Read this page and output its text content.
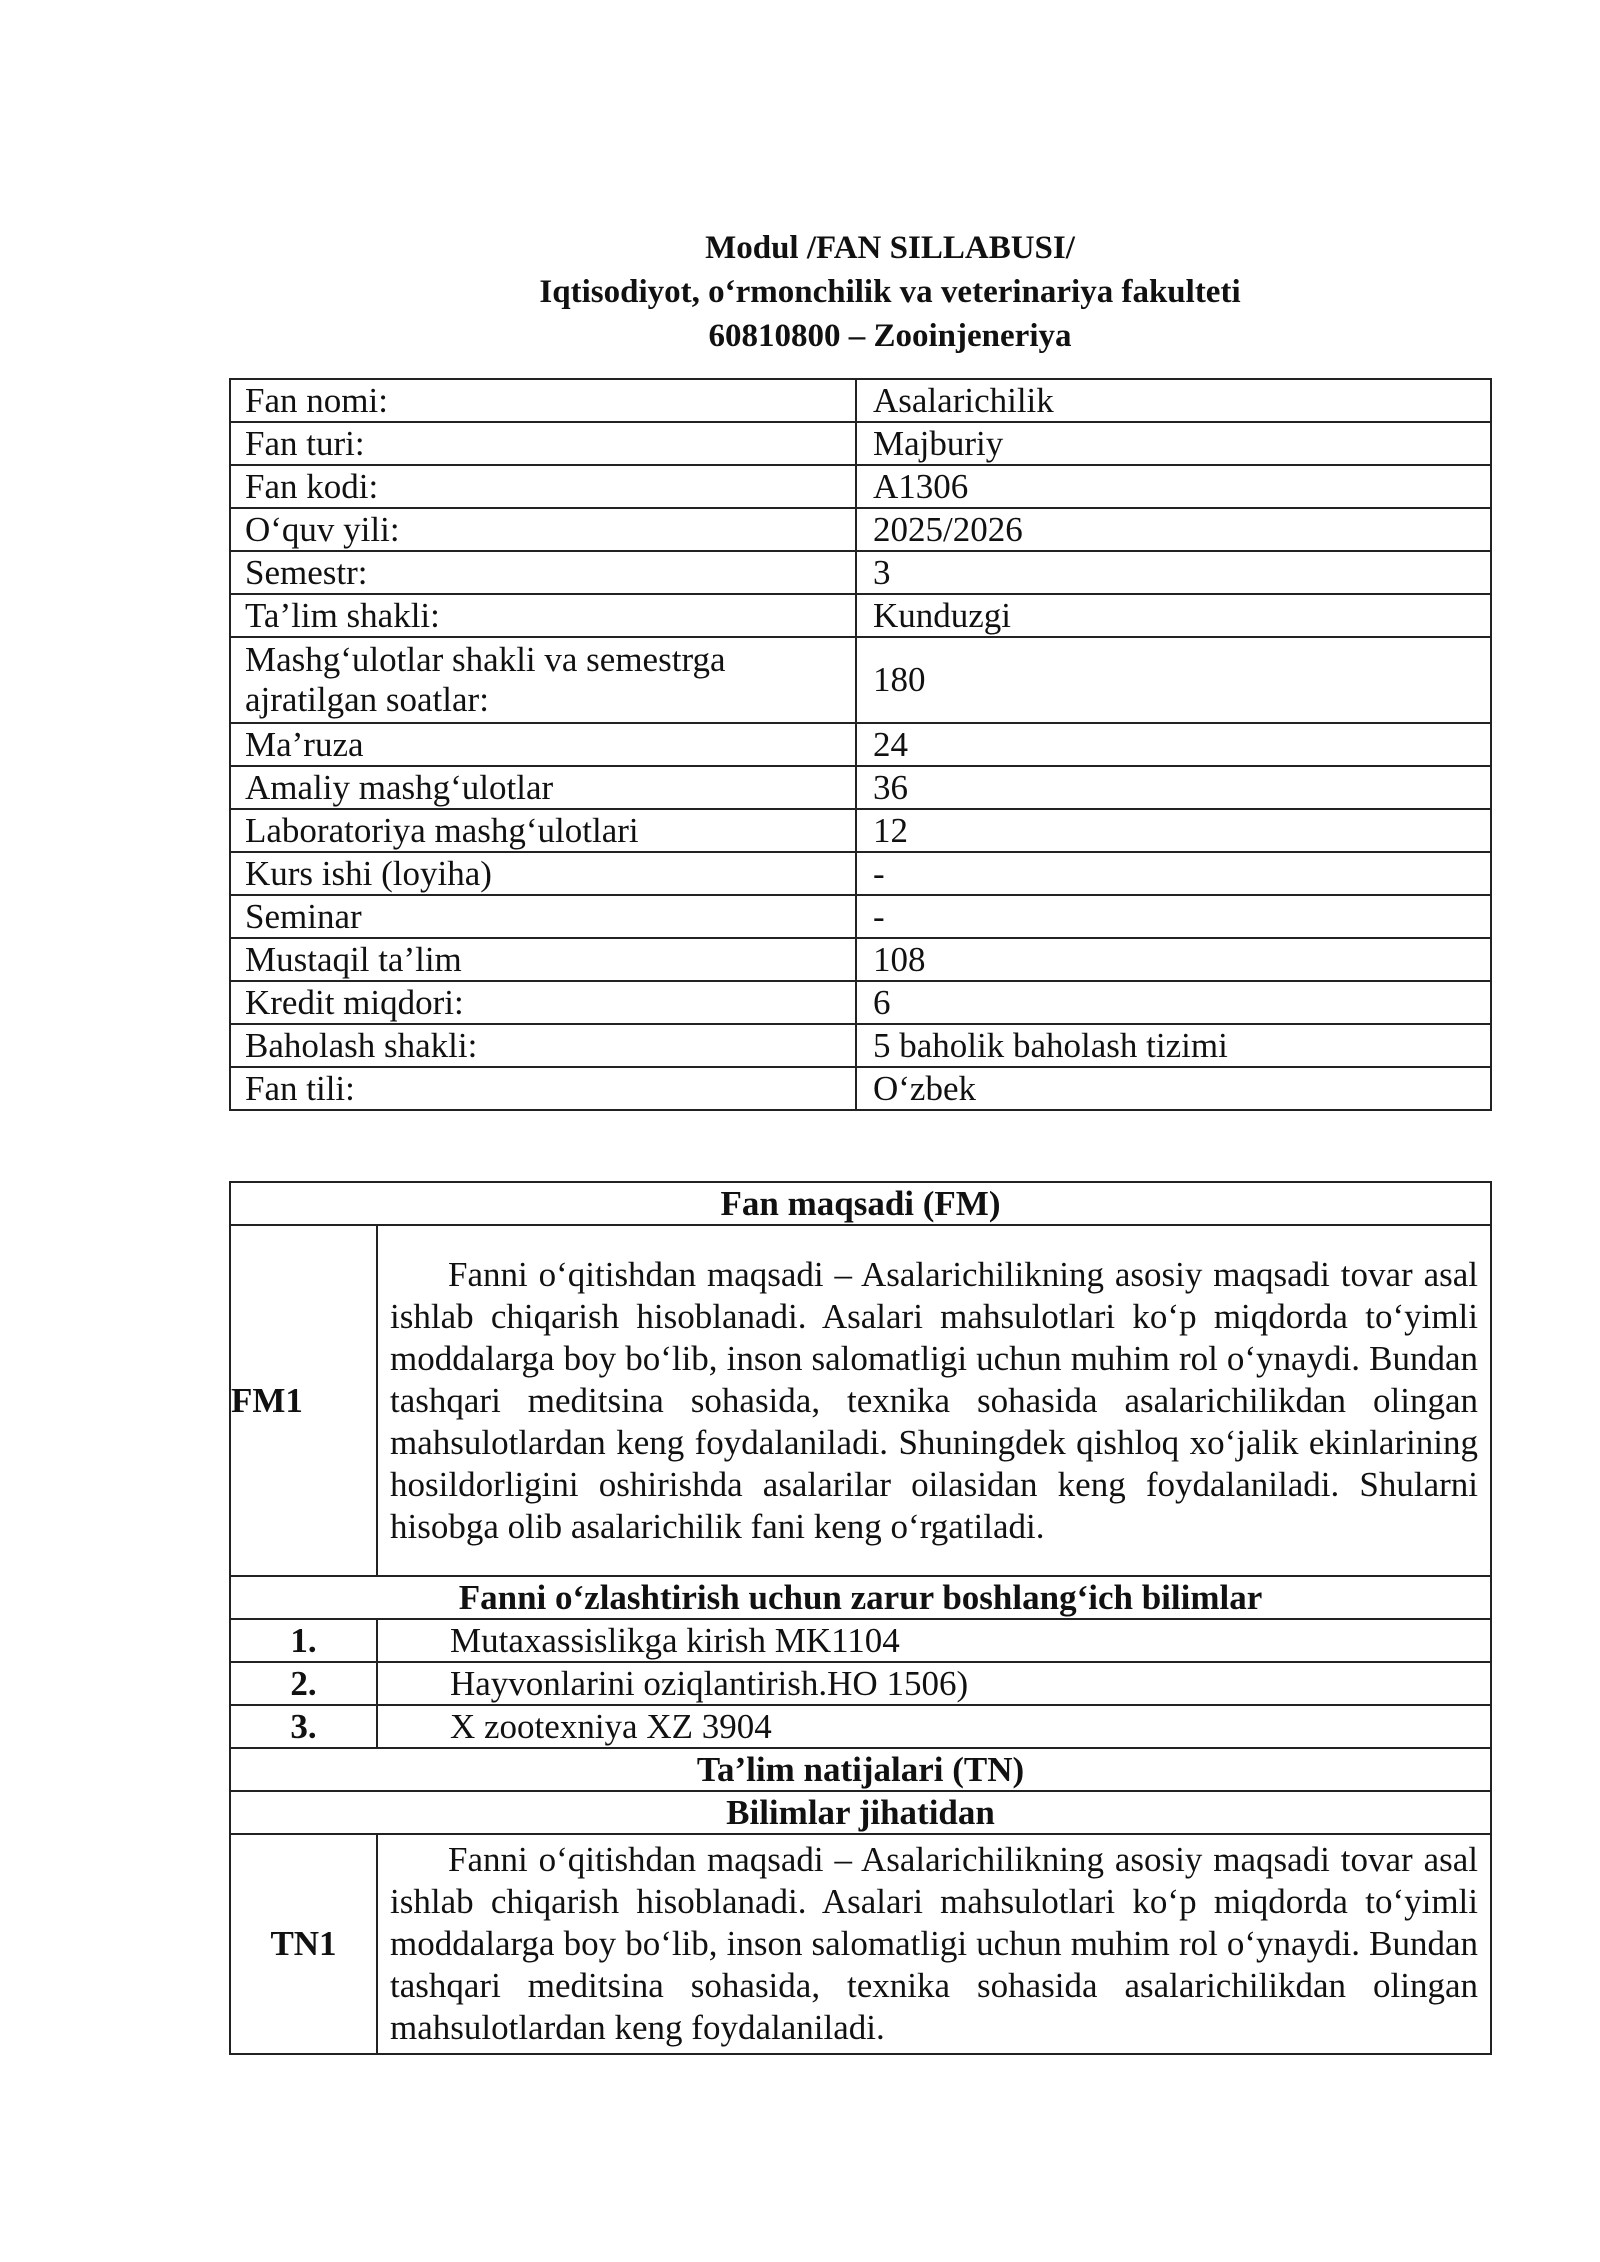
Modul /FAN SILLABUSI/
Iqtisodiyot, o‘rmonchilik va veterinariya fakulteti
60810800 – Zooinjeneriya
Fan nomi:	Asalarichilik
Fan turi:	Majburiy
Fan kodi:	A1306
O‘quv yili:	2025/2026
Semestr:	3
Ta’lim shakli:	Kunduzgi
Mashg‘ulotlar shakli va semestrga ajratilgan soatlar:	180
Ma’ruza	24
Amaliy mashg‘ulotlar	36
Laboratoriya mashg‘ulotlari	12
Kurs ishi (loyiha)	-
Seminar	-
Mustaqil ta’lim	108
Kredit miqdori:	6
Baholash shakli:	5 baholik baholash tizimi
Fan tili:	O‘zbek
Fan maqsadi (FM)	
FM1	Fanni o‘qitishdan maqsadi – Asalarichilikning asosiy maqsadi tovar asal ishlab chiqarish hisoblanadi. Asalari mahsulotlari ko‘p miqdorda to‘yimli moddalarga boy bo‘lib, inson salomatligi uchun muhim rol o‘ynaydi. Bundan tashqari meditsina sohasida, texnika sohasida asalarichilikdan olingan mahsulotlardan keng foydalaniladi. Shuningdek qishloq xo‘jalik ekinlarining hosildorligini oshirishda asalarilar oilasidan keng foydalaniladi. Shularni hisobga olib asalarichilik fani keng o‘rgatiladi.
Fanni o‘zlashtirish uchun zarur boshlang‘ich bilimlar	
1.	Mutaxassislikga kirish MK1104
2.	Hayvonlarini oziqlantirish.HO 1506)
3.	X zootexniya XZ 3904
Ta’lim natijalari (TN)	
Bilimlar jihatidan	
TN1	Fanni o‘qitishdan maqsadi – Asalarichilikning asosiy maqsadi tovar asal ishlab chiqarish hisoblanadi. Asalari mahsulotlari ko‘p miqdorda to‘yimli moddalarga boy bo‘lib, inson salomatligi uchun muhim rol o‘ynaydi. Bundan tashqari meditsina sohasida, texnika sohasida asalarichilikdan olingan mahsulotlardan keng foydalaniladi.
